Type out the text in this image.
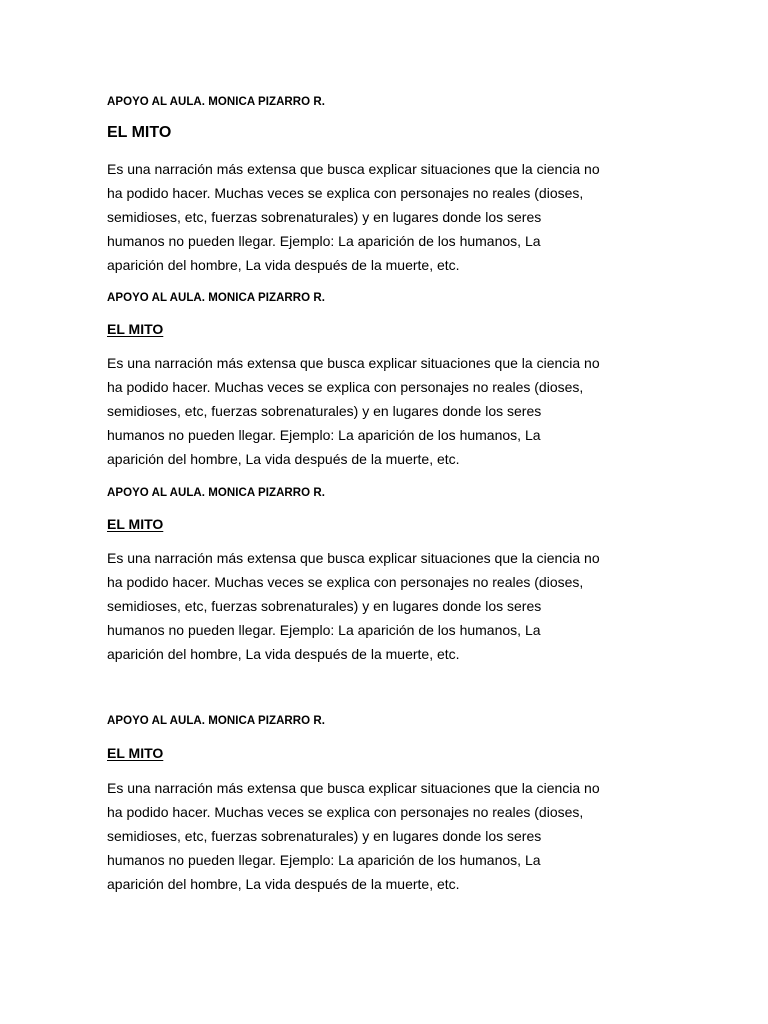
APOYO AL AULA. MONICA PIZARRO R.
EL MITO
Es una narración más extensa que busca explicar situaciones que la ciencia no
ha podido hacer. Muchas veces se explica con personajes no reales (dioses,
semidioses, etc, fuerzas sobrenaturales) y en lugares donde los seres
humanos no pueden llegar. Ejemplo: La aparición de los humanos, La
aparición del hombre, La vida después de la muerte, etc.
APOYO AL AULA. MONICA PIZARRO R.
EL MITO
Es una narración más extensa que busca explicar situaciones que la ciencia no
ha podido hacer. Muchas veces se explica con personajes no reales (dioses,
semidioses, etc, fuerzas sobrenaturales) y en lugares donde los seres
humanos no pueden llegar. Ejemplo: La aparición de los humanos, La
aparición del hombre, La vida después de la muerte, etc.
APOYO AL AULA. MONICA PIZARRO R.
EL MITO
Es una narración más extensa que busca explicar situaciones que la ciencia no
ha podido hacer. Muchas veces se explica con personajes no reales (dioses,
semidioses, etc, fuerzas sobrenaturales) y en lugares donde los seres
humanos no pueden llegar. Ejemplo: La aparición de los humanos, La
aparición del hombre, La vida después de la muerte, etc.
APOYO AL AULA. MONICA PIZARRO R.
EL MITO
Es una narración más extensa que busca explicar situaciones que la ciencia no
ha podido hacer. Muchas veces se explica con personajes no reales (dioses,
semidioses, etc, fuerzas sobrenaturales) y en lugares donde los seres
humanos no pueden llegar. Ejemplo: La aparición de los humanos, La
aparición del hombre, La vida después de la muerte, etc.
